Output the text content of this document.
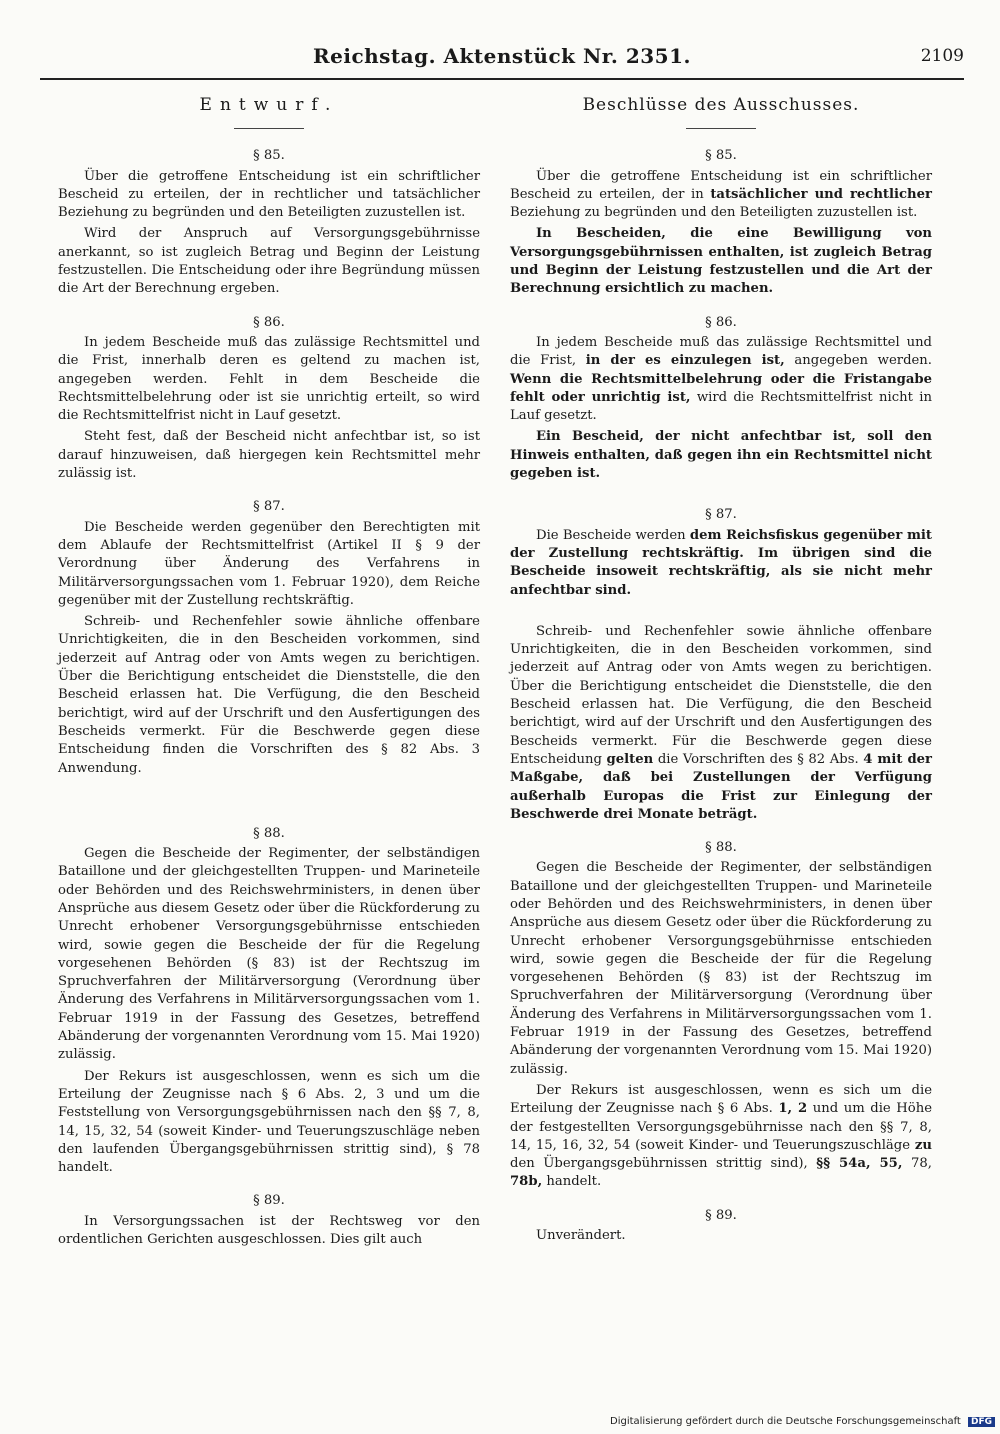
Reichstag. Aktenstück Nr. 2351.	2109
Entwurf.
§ 85.

Über die getroffene Entscheidung ist ein schriftlicher Bescheid zu erteilen, der in rechtlicher und tatsächlicher Beziehung zu begründen und den Beteiligten zuzustellen ist.

Wird der Anspruch auf Versorgungsgebührnisse anerkannt, so ist zugleich Betrag und Beginn der Leistung festzustellen. Die Entscheidung oder ihre Begründung müssen die Art der Berechnung ergeben.

§ 86.

In jedem Bescheide muß das zulässige Rechtsmittel und die Frist, innerhalb deren es geltend zu machen ist, angegeben werden. Fehlt in dem Bescheide die Rechtsmittelbelehrung oder ist sie unrichtig erteilt, so wird die Rechtsmittelfrist nicht in Lauf gesetzt.

Steht fest, daß der Bescheid nicht anfechtbar ist, so ist darauf hinzuweisen, daß hiergegen kein Rechtsmittel mehr zulässig ist.

§ 87.

Die Bescheide werden gegenüber den Berechtigten mit dem Ablaufe der Rechtsmittelfrist (Artikel II § 9 der Verordnung über Änderung des Verfahrens in Militärversorgungssachen vom 1. Februar 1920), dem Reiche gegenüber mit der Zustellung rechtskräftig.

Schreib- und Rechenfehler sowie ähnliche offenbare Unrichtigkeiten, die in den Bescheiden vorkommen, sind jederzeit auf Antrag oder von Amts wegen zu berichtigen. Über die Berichtigung entscheidet die Dienststelle, die den Bescheid erlassen hat. Die Verfügung, die den Bescheid berichtigt, wird auf der Urschrift und den Ausfertigungen des Bescheids vermerkt. Für die Beschwerde gegen diese Entscheidung finden die Vorschriften des § 82 Abs. 3 Anwendung.

§ 88.

Gegen die Bescheide der Regimenter, der selbständigen Bataillone und der gleichgestellten Truppen- und Marineteile oder Behörden und des Reichswehrministers, in denen über Ansprüche aus diesem Gesetz oder über die Rückforderung zu Unrecht erhobener Versorgungsgebührnisse entschieden wird, sowie gegen die Bescheide der für die Regelung vorgesehenen Behörden (§ 83) ist der Rechtszug im Spruchverfahren der Militärversorgung (Verordnung über Änderung des Verfahrens in Militärversorgungssachen vom 1. Februar 1919 in der Fassung des Gesetzes, betreffend Abänderung der vorgenannten Verordnung vom 15. Mai 1920) zulässig.

Der Rekurs ist ausgeschlossen, wenn es sich um die Erteilung der Zeugnisse nach § 6 Abs. 2, 3 und um die Feststellung von Versorgungsgebührnissen nach den §§ 7, 8, 14, 15, 32, 54 (soweit Kinder- und Teuerungszuschläge neben den laufenden Übergangsgebührnissen strittig sind), § 78 handelt.

§ 89.

In Versorgungssachen ist der Rechtsweg vor den ordentlichen Gerichten ausgeschlossen. Dies gilt auch

Beschlüsse des Ausschusses.
§ 85.

Über die getroffene Entscheidung ist ein schriftlicher Bescheid zu erteilen, der in tatsächlicher und rechtlicher Beziehung zu begründen und den Beteiligten zuzustellen ist.

In Bescheiden, die eine Bewilligung von Versorgungsgebührnissen enthalten, ist zugleich Betrag und Beginn der Leistung festzustellen und die Art der Berechnung ersichtlich zu machen.

§ 86.

In jedem Bescheide muß das zulässige Rechtsmittel und die Frist, in der es einzulegen ist, angegeben werden. Wenn die Rechtsmittelbelehrung oder die Fristangabe fehlt oder unrichtig ist, wird die Rechtsmittelfrist nicht in Lauf gesetzt.

Ein Bescheid, der nicht anfechtbar ist, soll den Hinweis enthalten, daß gegen ihn ein Rechtsmittel nicht gegeben ist.

§ 87.

Die Bescheide werden dem Reichsfiskus gegenüber mit der Zustellung rechtskräftig. Im übrigen sind die Bescheide insoweit rechtskräftig, als sie nicht mehr anfechtbar sind.

Schreib- und Rechenfehler sowie ähnliche offenbare Unrichtigkeiten, die in den Bescheiden vorkommen, sind jederzeit auf Antrag oder von Amts wegen zu berichtigen. Über die Berichtigung entscheidet die Dienststelle, die den Bescheid erlassen hat. Die Verfügung, die den Bescheid berichtigt, wird auf der Urschrift und den Ausfertigungen des Bescheids vermerkt. Für die Beschwerde gegen diese Entscheidung gelten die Vorschriften des § 82 Abs. 4 mit der Maßgabe, daß bei Zustellungen der Verfügung außerhalb Europas die Frist zur Einlegung der Beschwerde drei Monate beträgt.

§ 88.

Gegen die Bescheide der Regimenter, der selbständigen Bataillone und der gleichgestellten Truppen- und Marineteile oder Behörden und des Reichswehrministers, in denen über Ansprüche aus diesem Gesetz oder über die Rückforderung zu Unrecht erhobener Versorgungsgebührnisse entschieden wird, sowie gegen die Bescheide der für die Regelung vorgesehenen Behörden (§ 83) ist der Rechtszug im Spruchverfahren der Militärversorgung (Verordnung über Änderung des Verfahrens in Militärversorgungssachen vom 1. Februar 1919 in der Fassung des Gesetzes, betreffend Abänderung der vorgenannten Verordnung vom 15. Mai 1920) zulässig.

Der Rekurs ist ausgeschlossen, wenn es sich um die Erteilung der Zeugnisse nach § 6 Abs. 1, 2 und um die Höhe der festgestellten Versorgungsgebührnisse nach den §§ 7, 8, 14, 15, 16, 32, 54 (soweit Kinder- und Teuerungszuschläge zu den Übergangsgebührnissen strittig sind), §§ 54a, 55, 78, 78b, handelt.

§ 89.

Unverändert.

Digitalisierung gefördert durch die Deutsche Forschungsgemeinschaft DFG
